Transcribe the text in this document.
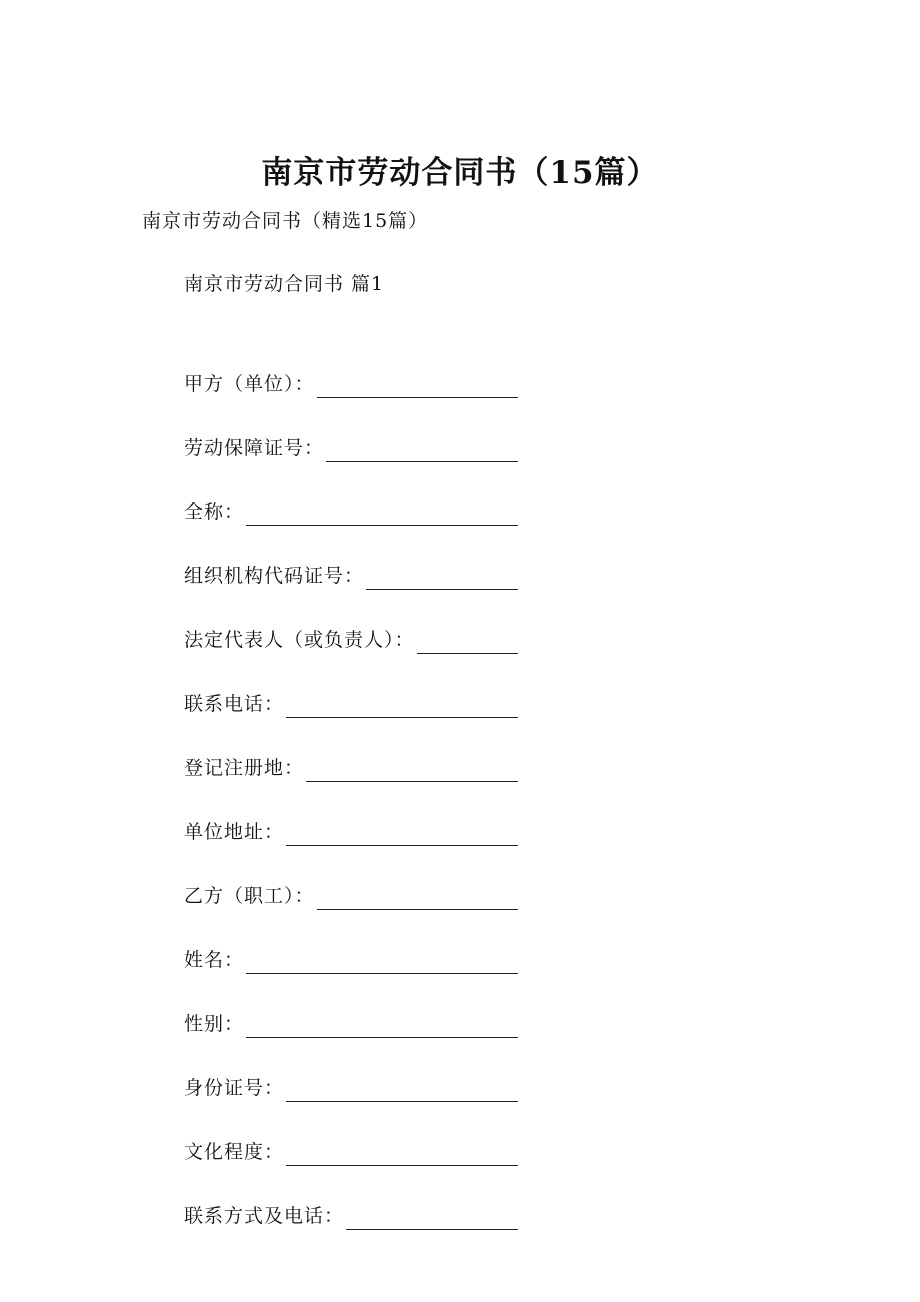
南京市劳动合同书（15篇）
南京市劳动合同书（精选15篇）
南京市劳动合同书 篇1
甲方（单位）：
劳动保障证号：
全称：
组织机构代码证号：
法定代表人（或负责人）：
联系电话：
登记注册地：
单位地址：
乙方（职工）：
姓名：
性别：
身份证号：
文化程度：
联系方式及电话：
